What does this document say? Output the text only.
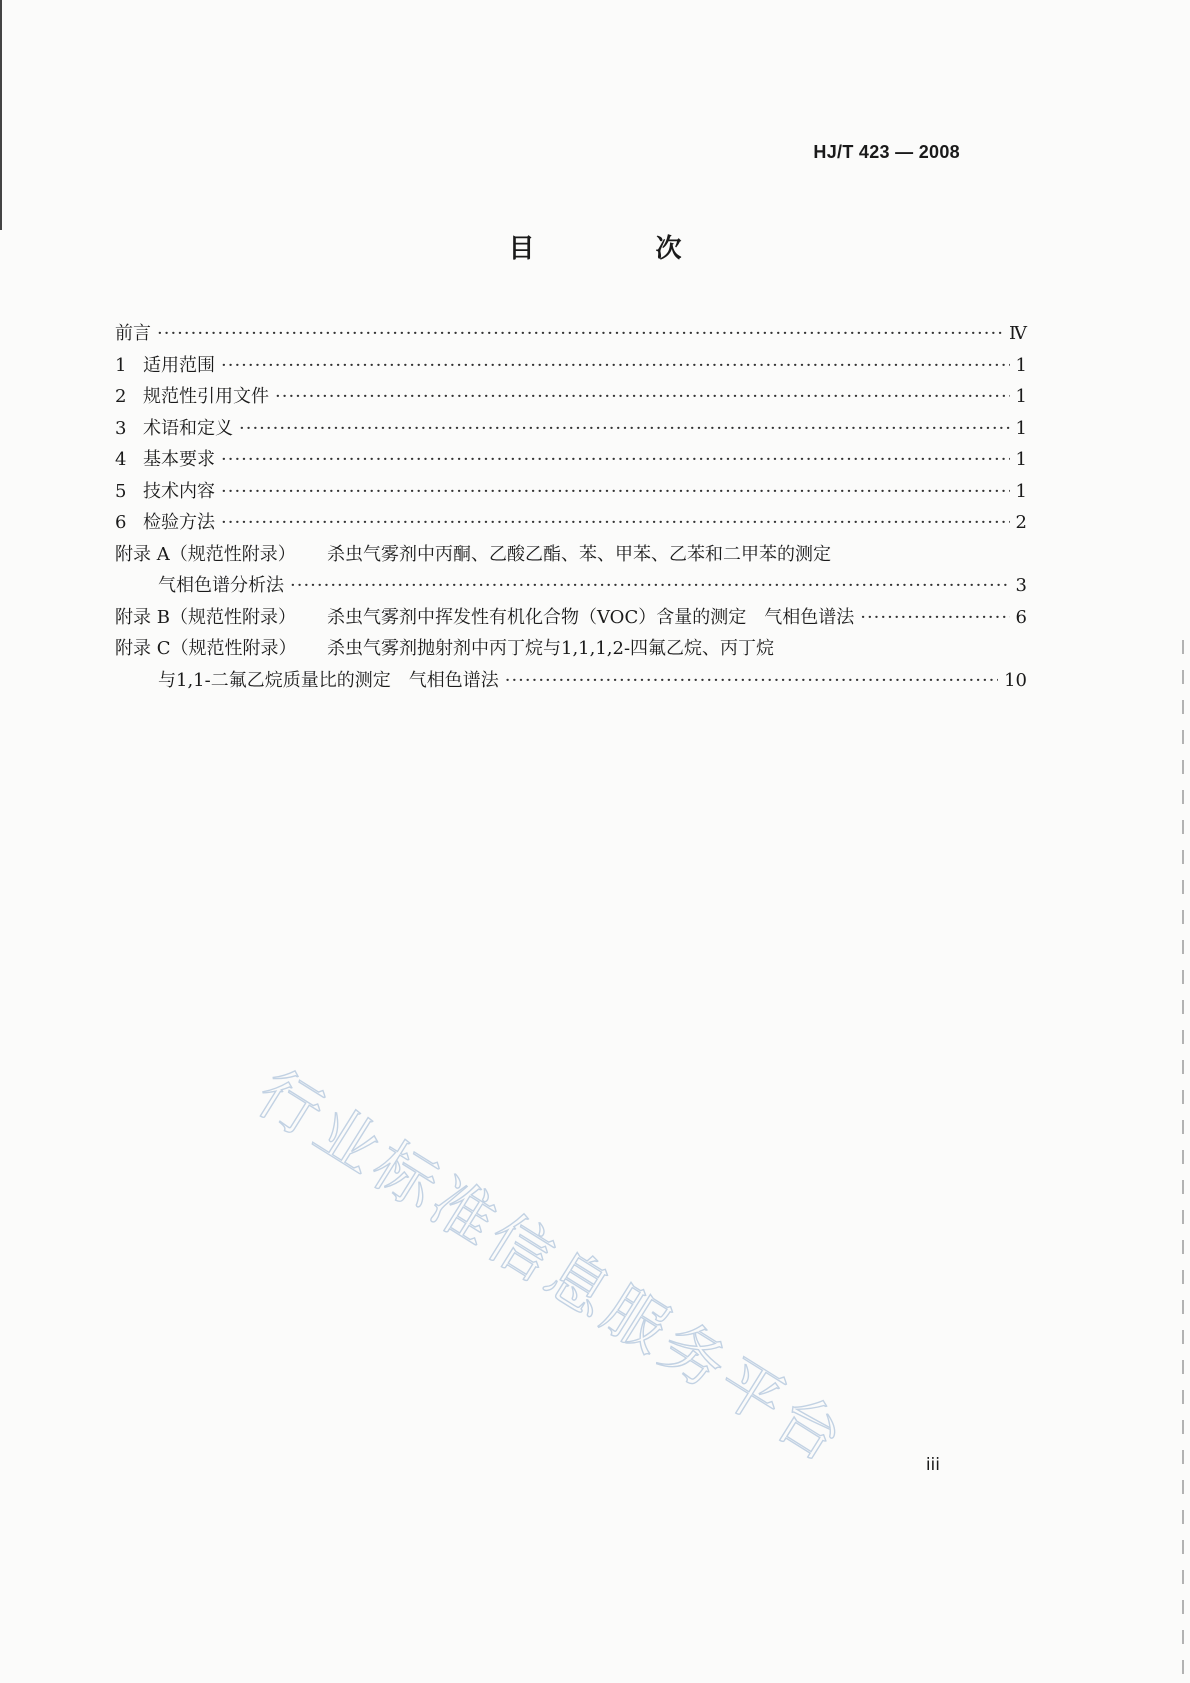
HJ/T 423 — 2008
目 次
前言 ·····	Ⅳ
1 适用范围 ·····	1
2 规范性引用文件 ·····	1
3 术语和定义 ·····	1
4 基本要求 ·····	1
5 技术内容 ·····	1
6 检验方法 ·····	2
附录 A（规范性附录） 杀虫气雾剂中丙酮、乙酸乙酯、苯、甲苯、乙苯和二甲苯的测定
气相色谱分析法 ·····	3
附录 B（规范性附录） 杀虫气雾剂中挥发性有机化合物（VOC）含量的测定　气相色谱法 ·····	6
附录 C（规范性附录） 杀虫气雾剂抛射剂中丙丁烷与1,1,1,2-四氟乙烷、丙丁烷
与1,1-二氟乙烷质量比的测定　气相色谱法 ·····	10
行业标准信息服务平台	iii
